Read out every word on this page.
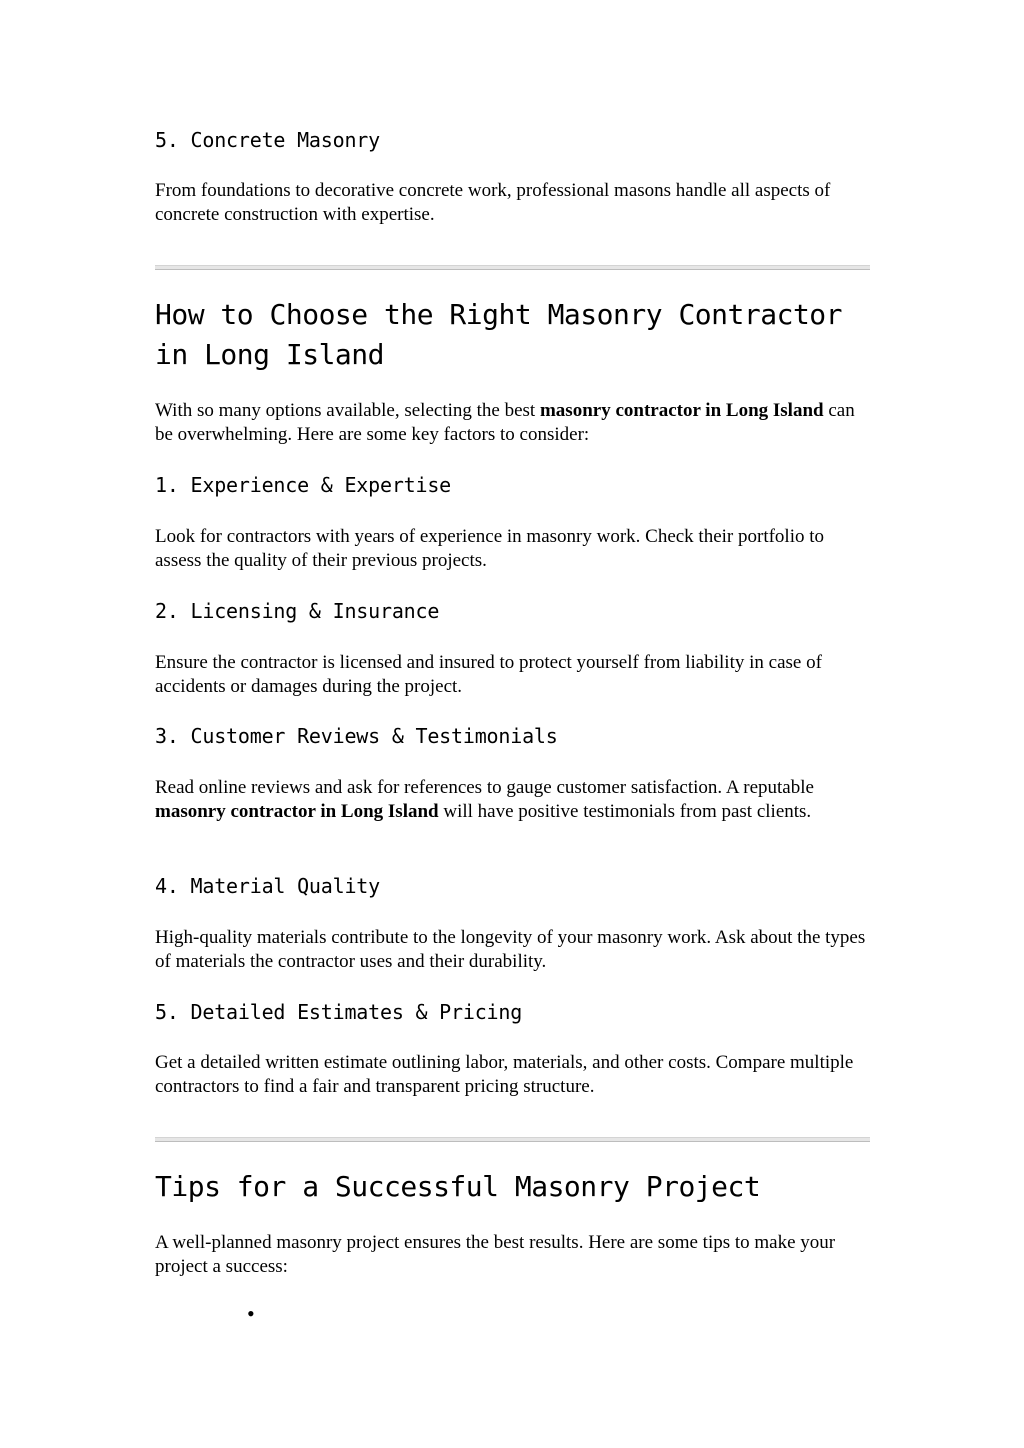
5. Concrete Masonry

From foundations to decorative concrete work, professional masons handle all aspects of concrete construction with expertise.

How to Choose the Right Masonry Contractor in Long Island

With so many options available, selecting the best masonry contractor in Long Island can be overwhelming. Here are some key factors to consider:

1. Experience & Expertise

Look for contractors with years of experience in masonry work. Check their portfolio to assess the quality of their previous projects.

2. Licensing & Insurance

Ensure the contractor is licensed and insured to protect yourself from liability in case of accidents or damages during the project.

3. Customer Reviews & Testimonials

Read online reviews and ask for references to gauge customer satisfaction. A reputable masonry contractor in Long Island will have positive testimonials from past clients.

4. Material Quality

High-quality materials contribute to the longevity of your masonry work. Ask about the types of materials the contractor uses and their durability.

5. Detailed Estimates & Pricing

Get a detailed written estimate outlining labor, materials, and other costs. Compare multiple contractors to find a fair and transparent pricing structure.

Tips for a Successful Masonry Project

A well-planned masonry project ensures the best results. Here are some tips to make your project a success:

•
